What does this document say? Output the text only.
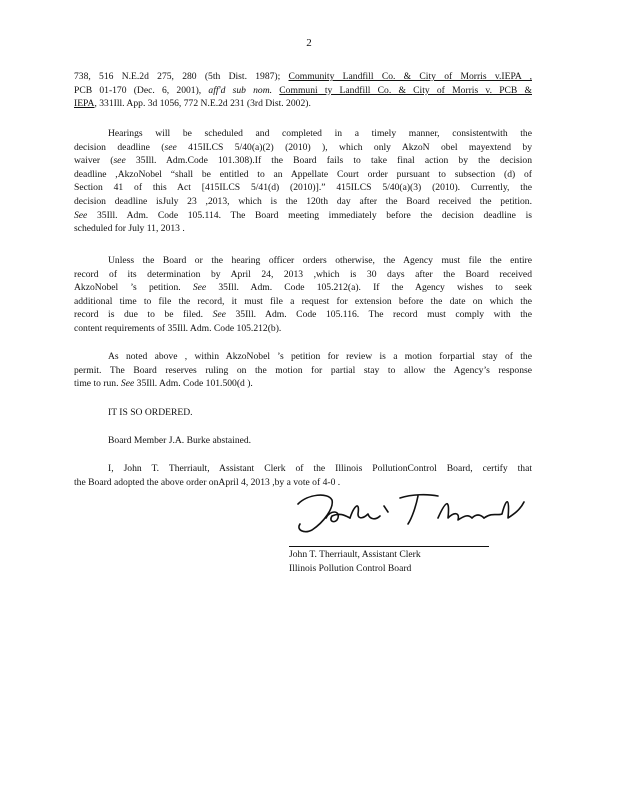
2
738, 516 N.E.2d 275, 280 (5th Dist. 1987); Community Landfill Co. & City of Morris v.IEPA ,
PCB 01-170 (Dec. 6, 2001), aff'd sub nom. Communi ty Landfill Co. & City of Morris v. PCB &
IEPA, 331Ill. App. 3d 1056, 772 N.E.2d 231 (3rd Dist. 2002).
Hearings will be scheduled and completed in a timely manner, consistentwith the
decision deadline (see 415ILCS 5/40(a)(2) (2010) ), which only AkzoN obel mayextend by
waiver (see 35Ill. Adm.Code 101.308).If the Board fails to take final action by the decision
deadline ,AkzoNobel “shall be entitled to an Appellate Court order pursuant to subsection (d) of
Section 41 of this Act [415ILCS 5/41(d) (2010)].” 415ILCS 5/40(a)(3) (2010). Currently, the
decision deadline isJuly 23 ,2013, which is the 120th day after the Board received the petition.
See 35Ill. Adm. Code 105.114. The Board meeting immediately before the decision deadline is
scheduled for July 11, 2013 .
Unless the Board or the hearing officer orders otherwise, the Agency must file the entire
record of its determination by April 24, 2013 ,which is 30 days after the Board received
AkzoNobel ’s petition. See 35Ill. Adm. Code 105.212(a). If the Agency wishes to seek
additional time to file the record, it must file a request for extension before the date on which the
record is due to be filed. See 35Ill. Adm. Code 105.116. The record must comply with the
content requirements of 35Ill. Adm. Code 105.212(b).
As noted above , within AkzoNobel ’s petition for review is a motion forpartial stay of the
permit. The Board reserves ruling on the motion for partial stay to allow the Agency’s response
time to run. See 35Ill. Adm. Code 101.500(d ).
IT IS SO ORDERED.
Board Member J.A. Burke abstained.
I, John T. Therriault, Assistant Clerk of the Illinois PollutionControl Board, certify that
the Board adopted the above order onApril 4, 2013 ,by a vote of 4-0 .
John T. Therriault, Assistant Clerk
Illinois Pollution Control Board
